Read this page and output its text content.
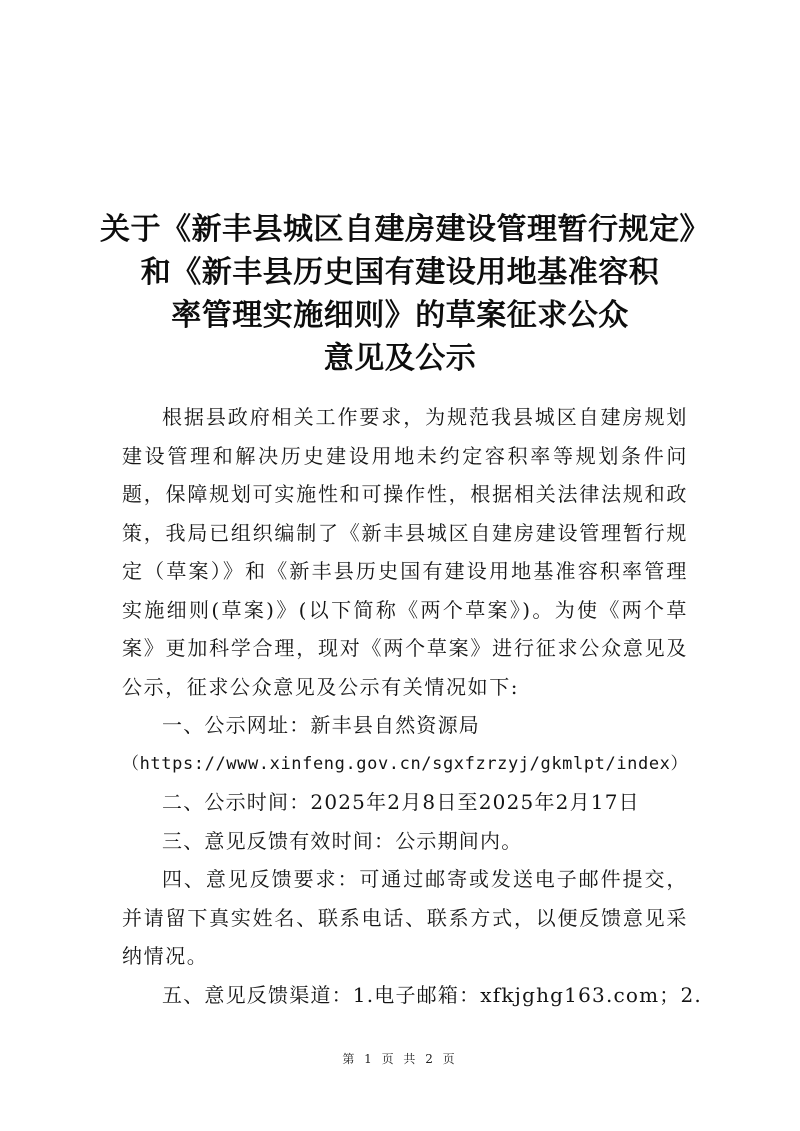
关于《新丰县城区自建房建设管理暂行规定》
和《新丰县历史国有建设用地基准容积
率管理实施细则》的草案征求公众
意见及公示

根据县政府相关工作要求，为规范我县城区自建房规划建设管理和解决历史建设用地未约定容积率等规划条件问题，保障规划可实施性和可操作性，根据相关法律法规和政策，我局已组织编制了《新丰县城区自建房建设管理暂行规定（草案）》和《新丰县历史国有建设用地基准容积率管理实施细则(草案)》(以下简称《两个草案》)。为使《两个草案》更加科学合理，现对《两个草案》进行征求公众意见及公示，征求公众意见及公示有关情况如下:

一、公示网址：新丰县自然资源局

（https://www.xinfeng.gov.cn/sgxfzrzyj/gkmlpt/index）

二、公示时间：2025年2月8日至2025年2月17日

三、意见反馈有效时间：公示期间内。

四、意见反馈要求：可通过邮寄或发送电子邮件提交，并请留下真实姓名、联系电话、联系方式，以便反馈意见采纳情况。

五、意见反馈渠道：1.电子邮箱：xfkjghg163.com；2.

第 1 页 共 2 页
